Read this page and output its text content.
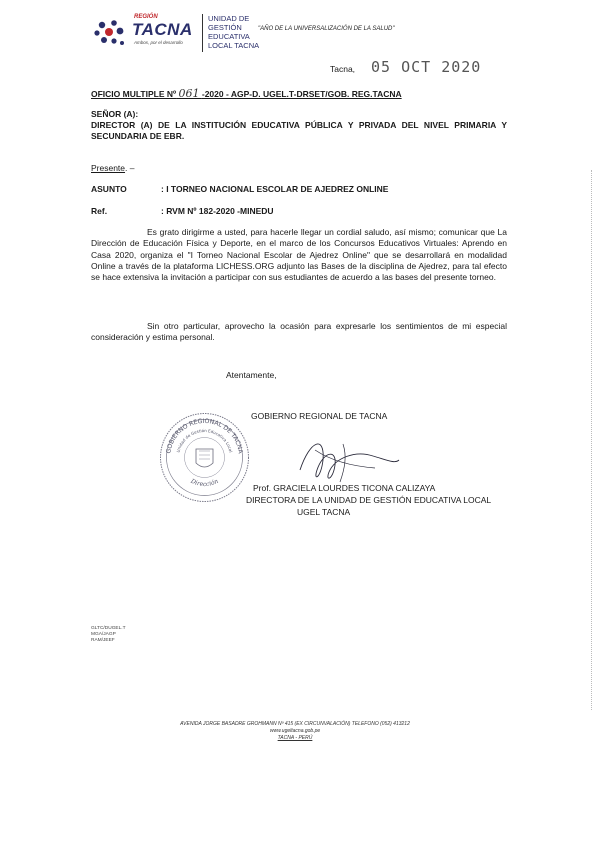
REGIÓN
TACNA
Ambos, por el desarrollo
UNIDAD DE
GESTIÓN
EDUCATIVA
LOCAL TACNA
"AÑO DE LA UNIVERSALIZACIÓN DE LA SALUD"
Tacna, 05 OCT 2020
OFICIO MULTIPLE Nº 061 -2020 - AGP-D. UGEL.T-DRSET/GOB. REG.TACNA
SEÑOR (A):
DIRECTOR (A) DE LA INSTITUCIÓN EDUCATIVA PÚBLICA Y PRIVADA DEL NIVEL PRIMARIA Y SECUNDARIA DE EBR.
Presente. –
ASUNTO	: I TORNEO NACIONAL ESCOLAR DE AJEDREZ ONLINE
Ref.	: RVM Nº 182-2020 -MINEDU
Es grato dirigirme a usted, para hacerle llegar un cordial saludo, así mismo; comunicar que La Dirección de Educación Física y Deporte, en el marco de los Concursos Educativos Virtuales: Aprendo en Casa 2020, organiza el "I Torneo Nacional Escolar de Ajedrez Online" que se desarrollará en modalidad Online a través de la plataforma LICHESS.ORG adjunto las Bases de la disciplina de Ajedrez, para tal efecto se hace extensiva la invitación a participar con sus estudiantes de acuerdo a las bases del presente torneo.
Sin otro particular, aprovecho la ocasión para expresarle los sentimientos de mi especial consideración y estima personal.
Atentamente,
GOBIERNO REGIONAL DE TACNA
GOBIERNO REGIONAL DE TACNA
Unidad de Gestión Educativa Local
Dirección
Prof. GRACIELA LOURDES TICONA CALIZAYA
DIRECTORA DE LA UNIDAD DE GESTIÓN EDUCATIVA LOCAL
UGEL TACNA
GLTC/DUGEL.T
MGA/JAGP
RAM/JEEF
AVENIDA JORGE BASADRE GROHMANN Nº 415 (EX CIRCUNVALACIÓN) TELEFONO (052) 413212
www.ugeltacna.gob.pe
TACNA - PERÚ
